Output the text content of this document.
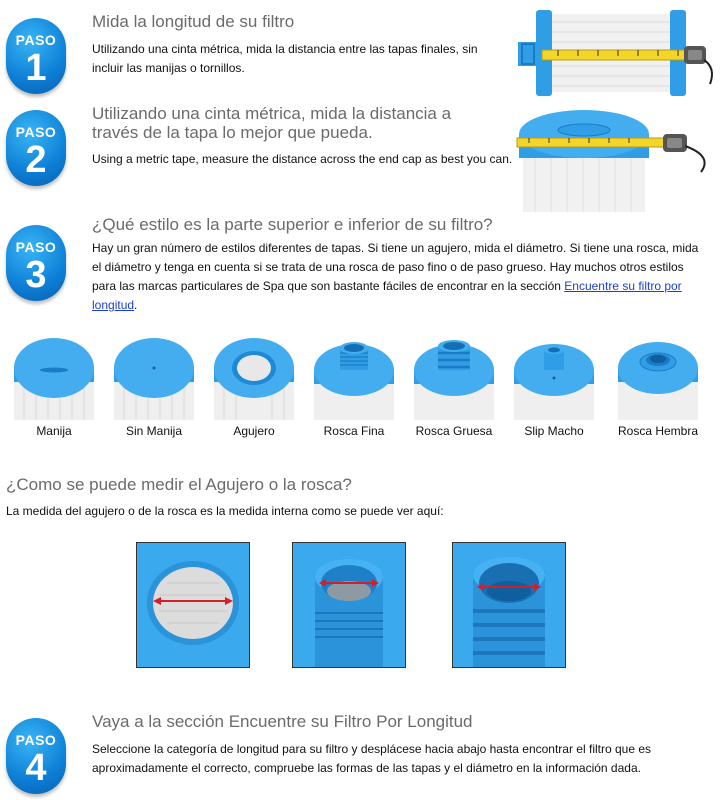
PASO
1
Mida la longitud de su filtro
Utilizando una cinta métrica, mida la distancia entre las tapas finales, sin incluir las manijas o tornillos.
PASO
2
Utilizando una cinta métrica, mida la distancia a
través de la tapa lo mejor que pueda.
Using a metric tape, measure the distance across the end cap as best you can.
PASO
3
¿Qué estilo es la parte superior e inferior de su filtro?
Hay un gran número de estilos diferentes de tapas. Si tiene un agujero, mida el diámetro. Si tiene una rosca, mida el diámetro y tenga en cuenta si se trata de una rosca de paso fino o de paso grueso. Hay muchos otros estilos para las marcas particulares de Spa que son bastante fáciles de encontrar en la sección Encuentre su filtro por longitud.
Manija	Sin Manija	Agujero	Rosca Fina	Rosca Gruesa	Slip Macho	Rosca Hembra
¿Como se puede medir el Agujero o la rosca?
La medida del agujero o de la rosca es la medida interna como se puede ver aquí:
PASO
4
Vaya a la sección Encuentre su Filtro Por Longitud
Seleccione la categoría de longitud para su filtro y desplácese hacia abajo hasta encontrar el filtro que es aproximadamente el correcto, compruebe las formas de las tapas y el diámetro en la información dada.
